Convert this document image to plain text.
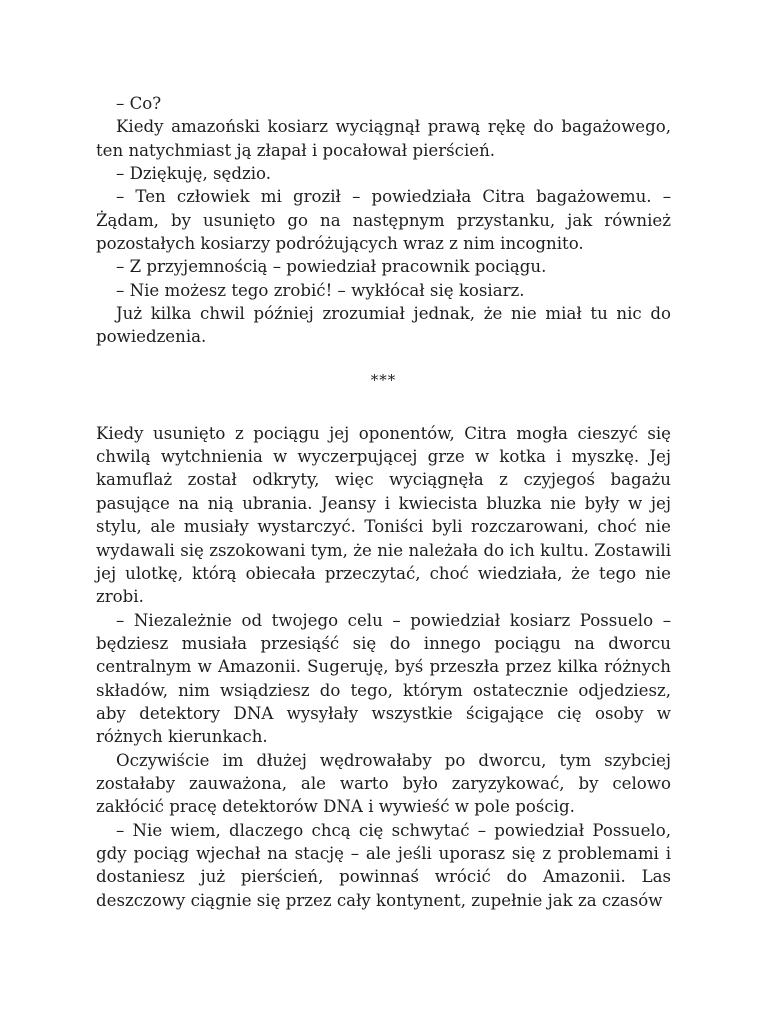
– Co?

Kiedy amazoński kosiarz wyciągnął prawą rękę do bagażowego, ten natychmiast ją złapał i pocałował pierścień.

– Dziękuję, sędzio.

– Ten człowiek mi groził – powiedziała Citra bagażowemu. – Żądam, by usunięto go na następnym przystanku, jak również pozostałych kosiarzy podróżujących wraz z nim incognito.

– Z przyjemnością – powiedział pracownik pociągu.

– Nie możesz tego zrobić! – wykłócał się kosiarz.

Już kilka chwil później zrozumiał jednak, że nie miał tu nic do powiedzenia.

***

Kiedy usunięto z pociągu jej oponentów, Citra mogła cieszyć się chwilą wytchnienia w wyczerpującej grze w kotka i myszkę. Jej kamuflaż został odkryty, więc wyciągnęła z czyjegoś bagażu pasujące na nią ubrania. Jeansy i kwiecista bluzka nie były w jej stylu, ale musiały wystarczyć. Toniści byli rozczarowani, choć nie wydawali się zszokowani tym, że nie należała do ich kultu. Zostawili jej ulotkę, którą obiecała przeczytać, choć wiedziała, że tego nie zrobi.

– Niezależnie od twojego celu – powiedział kosiarz Possuelo – będziesz musiała przesiąść się do innego pociągu na dworcu centralnym w Amazonii. Sugeruję, byś przeszła przez kilka różnych składów, nim wsiądziesz do tego, którym ostatecznie odjedziesz, aby detektory DNA wysyłały wszystkie ścigające cię osoby w różnych kierunkach.

Oczywiście im dłużej wędrowałaby po dworcu, tym szybciej zostałaby zauważona, ale warto było zaryzykować, by celowo zakłócić pracę detektorów DNA i wywieść w pole pościg.

– Nie wiem, dlaczego chcą cię schwytać – powiedział Possuelo, gdy pociąg wjechał na stację – ale jeśli uporasz się z problemami i dostaniesz już pierścień, powinnaś wrócić do Amazonii. Las deszczowy ciągnie się przez cały kontynent, zupełnie jak za czasów
